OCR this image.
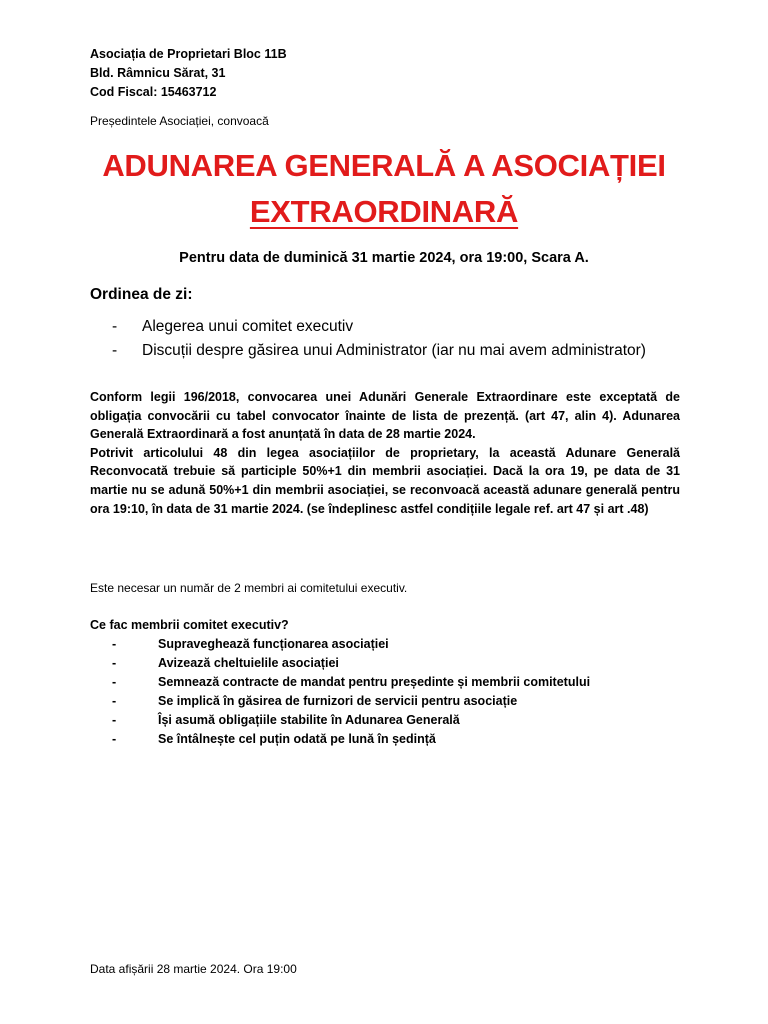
Asociația de Proprietari Bloc 11B
Bld. Râmnicu Sărat, 31
Cod Fiscal: 15463712
Președintele Asociației, convoacă
ADUNAREA GENERALĂ A ASOCIAȚIEI
EXTRAORDINARĂ
Pentru data de duminică 31 martie 2024, ora 19:00, Scara A.
Ordinea de zi:
- Alegerea unui comitet executiv
- Discuții despre găsirea unui Administrator (iar nu mai avem administrator)

Conform legii 196/2018, convocarea unei Adunări Generale Extraordinare este exceptată de obligația convocării cu tabel convocator înainte de lista de prezență. (art 47, alin 4). Adunarea Generală Extraordinară a fost anunțată în data de 28 martie 2024.

Potrivit articolului 48 din legea asociațiilor de proprietary, la această Adunare Generală Reconvocată trebuie să participle 50%+1 din membrii asociației. Dacă la ora 19, pe data de 31 martie nu se adună 50%+1 din membrii asociației, se reconvoacă această adunare generală pentru ora 19:10, în data de 31 martie 2024. (se îndeplinesc astfel condițiile legale ref. art 47 și art .48)

Este necesar un număr de 2 membri ai comitetului executiv.
Ce fac membrii comitet executiv?
-	Supraveghează funcționarea asociației
-	Avizează cheltuielile asociației
-	Semnează contracte de mandat pentru președinte și membrii comitetului
-	Se implică în găsirea de furnizori de servicii pentru asociație
-	Își asumă obligațiile stabilite în Adunarea Generală
-	Se întâlnește cel puțin odată pe lună în ședință
Data afișării 28 martie 2024. Ora 19:00
